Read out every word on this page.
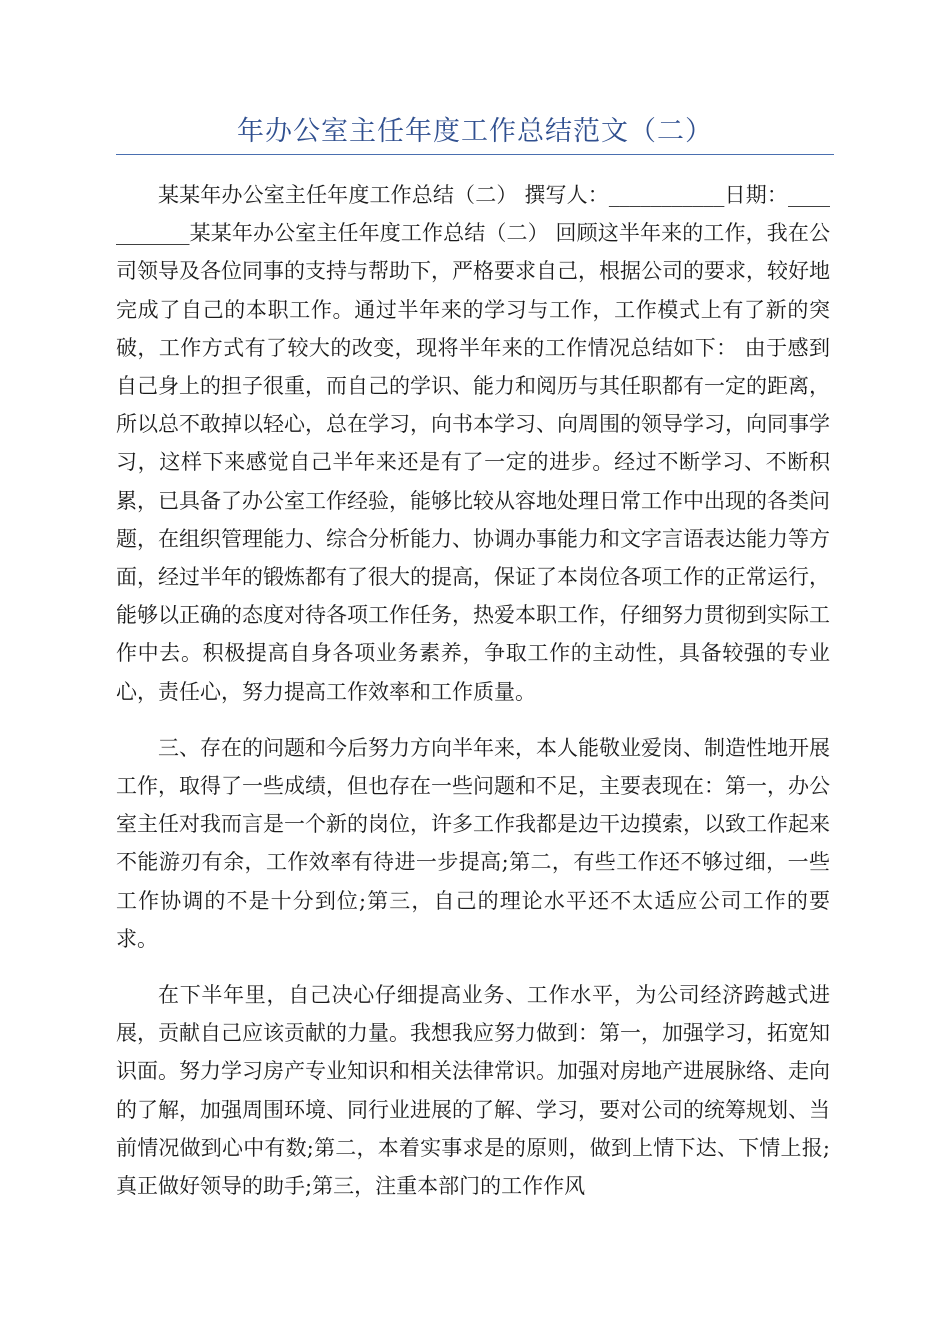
年办公室主任年度工作总结范文（二）

某某年办公室主任年度工作总结（二） 撰写人：___________日期：___________某某年办公室主任年度工作总结（二） 回顾这半年来的工作，我在公司领导及各位同事的支持与帮助下，严格要求自己，根据公司的要求，较好地完成了自己的本职工作。通过半年来的学习与工作，工作模式上有了新的突破，工作方式有了较大的改变，现将半年来的工作情况总结如下： 由于感到自己身上的担子很重，而自己的学识、能力和阅历与其任职都有一定的距离，所以总不敢掉以轻心，总在学习，向书本学习、向周围的领导学习，向同事学习，这样下来感觉自己半年来还是有了一定的进步。经过不断学习、不断积累，已具备了办公室工作经验，能够比较从容地处理日常工作中出现的各类问题，在组织管理能力、综合分析能力、协调办事能力和文字言语表达能力等方面，经过半年的锻炼都有了很大的提高，保证了本岗位各项工作的正常运行，能够以正确的态度对待各项工作任务，热爱本职工作，仔细努力贯彻到实际工作中去。积极提高自身各项业务素养，争取工作的主动性，具备较强的专业心，责任心，努力提高工作效率和工作质量。

三、存在的问题和今后努力方向半年来，本人能敬业爱岗、制造性地开展工作，取得了一些成绩，但也存在一些问题和不足，主要表现在：第一，办公室主任对我而言是一个新的岗位，许多工作我都是边干边摸索，以致工作起来不能游刃有余，工作效率有待进一步提高;第二，有些工作还不够过细，一些工作协调的不是十分到位;第三，自己的理论水平还不太适应公司工作的要求。

在下半年里，自己决心仔细提高业务、工作水平，为公司经济跨越式进展，贡献自己应该贡献的力量。我想我应努力做到：第一，加强学习，拓宽知识面。努力学习房产专业知识和相关法律常识。加强对房地产进展脉络、走向的了解，加强周围环境、同行业进展的了解、学习，要对公司的统筹规划、当前情况做到心中有数;第二，本着实事求是的原则，做到上情下达、下情上报;真正做好领导的助手;第三，注重本部门的工作作风
